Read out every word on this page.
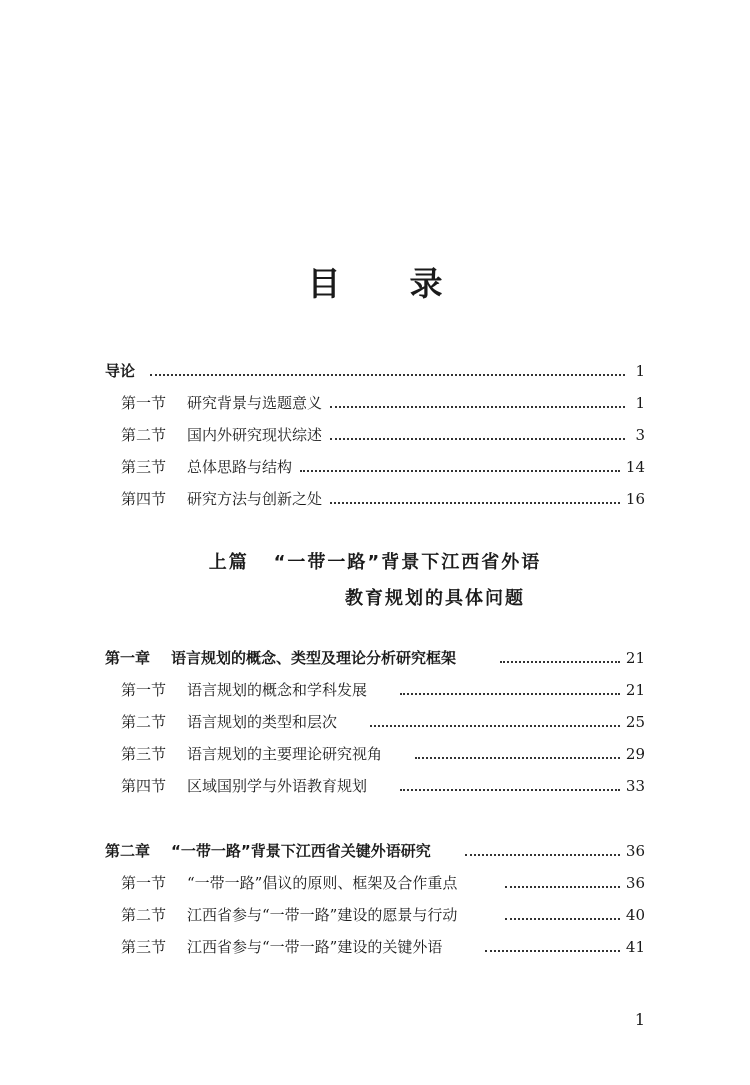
目      录
导论	1
第一节 研究背景与选题意义	1
第二节 国内外研究现状综述	3
第三节 总体思路与结构	14
第四节 研究方法与创新之处	16
上篇   “一带一路”背景下江西省外语
教育规划的具体问题
第一章 语言规划的概念、类型及理论分析研究框架	21
第一节 语言规划的概念和学科发展	21
第二节 语言规划的类型和层次	25
第三节 语言规划的主要理论研究视角	29
第四节 区域国别学与外语教育规划	33
第二章 “一带一路”背景下江西省关键外语研究	36
第一节 “一带一路”倡议的原则、框架及合作重点	36
第二节 江西省参与“一带一路”建设的愿景与行动	40
第三节 江西省参与“一带一路”建设的关键外语	41
1
